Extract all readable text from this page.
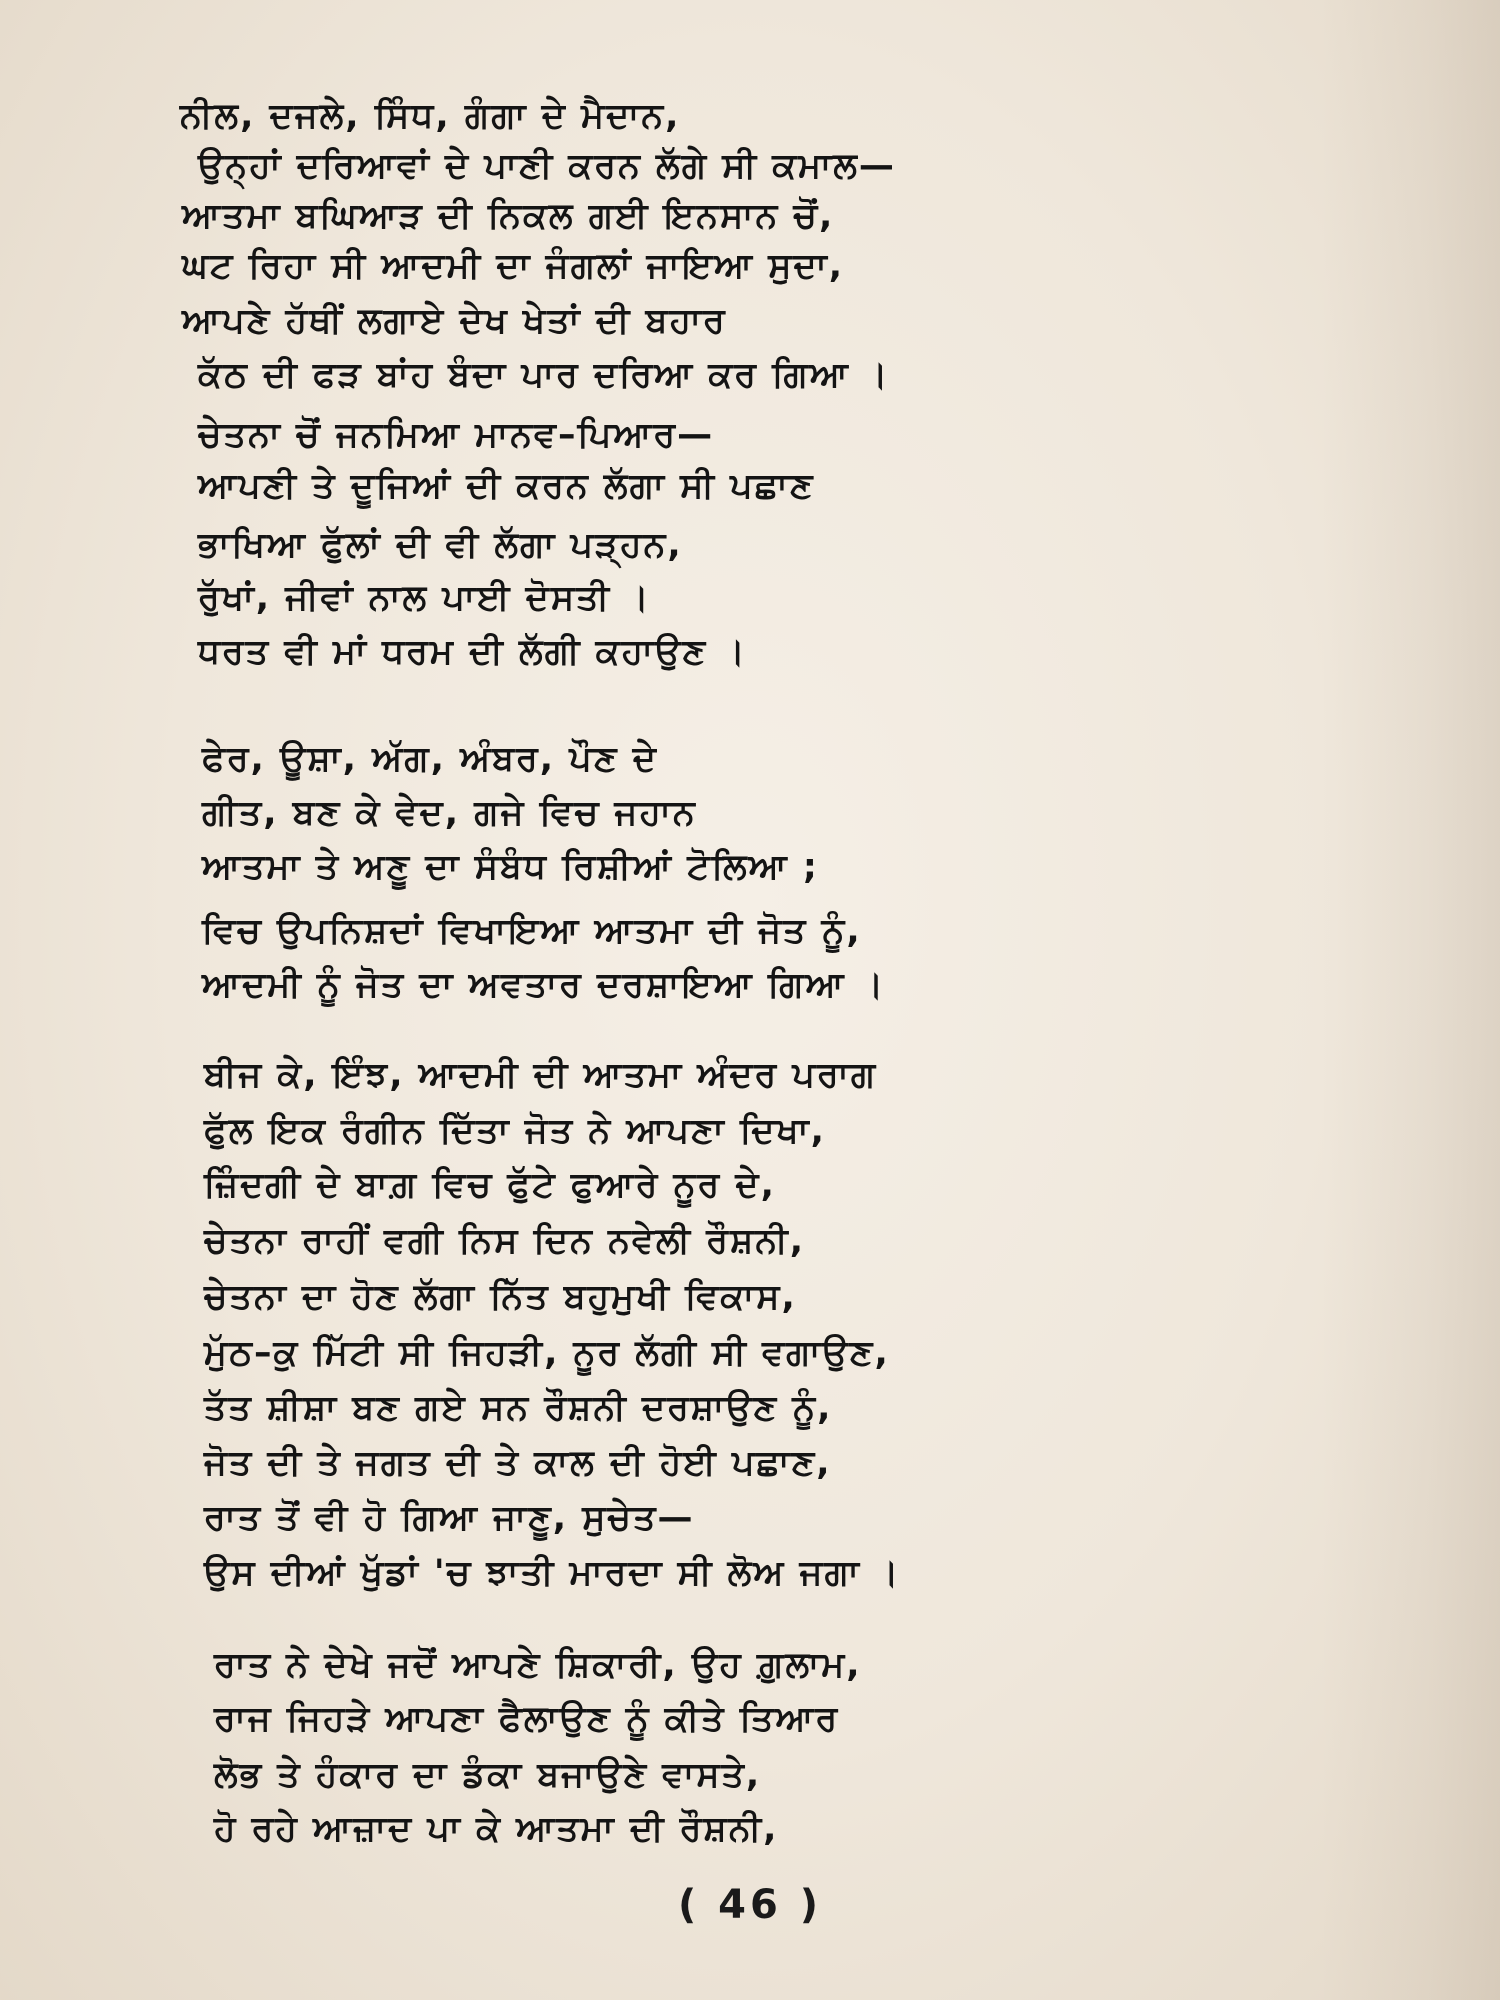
ਨੀਲ, ਦਜਲੇ, ਸਿੰਧ, ਗੰਗਾ ਦੇ ਮੈਦਾਨ,
ਉਨ੍ਹਾਂ ਦਰਿਆਵਾਂ ਦੇ ਪਾਣੀ ਕਰਨ ਲੱਗੇ ਸੀ ਕਮਾਲ—
ਆਤਮਾ ਬਘਿਆੜ ਦੀ ਨਿਕਲ ਗਈ ਇਨਸਾਨ ਚੋਂ,
ਘਟ ਰਿਹਾ ਸੀ ਆਦਮੀ ਦਾ ਜੰਗਲਾਂ ਜਾਇਆ ਸੁਦਾ,
ਆਪਣੇ ਹੱਥੀਂ ਲਗਾਏ ਦੇਖ ਖੇਤਾਂ ਦੀ ਬਹਾਰ
ਕੱਠ ਦੀ ਫੜ ਬਾਂਹ ਬੰਦਾ ਪਾਰ ਦਰਿਆ ਕਰ ਗਿਆ ।
ਚੇਤਨਾ ਚੋਂ ਜਨਮਿਆ ਮਾਨਵ–ਪਿਆਰ—
ਆਪਣੀ ਤੇ ਦੂਜਿਆਂ ਦੀ ਕਰਨ ਲੱਗਾ ਸੀ ਪਛਾਣ
ਭਾਖਿਆ ਫੁੱਲਾਂ ਦੀ ਵੀ ਲੱਗਾ ਪੜ੍ਹਨ,
ਰੁੱਖਾਂ, ਜੀਵਾਂ ਨਾਲ ਪਾਈ ਦੋਸਤੀ ।
ਧਰਤ ਵੀ ਮਾਂ ਧਰਮ ਦੀ ਲੱਗੀ ਕਹਾਉਣ ।
ਫੇਰ, ਊਸ਼ਾ, ਅੱਗ, ਅੰਬਰ, ਪੌਣ ਦੇ
ਗੀਤ, ਬਣ ਕੇ ਵੇਦ, ਗਜੇ ਵਿਚ ਜਹਾਨ
ਆਤਮਾ ਤੇ ਅਣੂ ਦਾ ਸੰਬੰਧ ਰਿਸ਼ੀਆਂ ਟੋਲਿਆ ;
ਵਿਚ ਉਪਨਿਸ਼ਦਾਂ ਵਿਖਾਇਆ ਆਤਮਾ ਦੀ ਜੋਤ ਨੂੰ,
ਆਦਮੀ ਨੂੰ ਜੋਤ ਦਾ ਅਵਤਾਰ ਦਰਸ਼ਾਇਆ ਗਿਆ ।
ਬੀਜ ਕੇ, ਇੰਝ, ਆਦਮੀ ਦੀ ਆਤਮਾ ਅੰਦਰ ਪਰਾਗ
ਫੁੱਲ ਇਕ ਰੰਗੀਨ ਦਿੱਤਾ ਜੋਤ ਨੇ ਆਪਣਾ ਦਿਖਾ,
ਜ਼ਿੰਦਗੀ ਦੇ ਬਾਗ਼ ਵਿਚ ਫੁੱਟੇ ਫੁਆਰੇ ਨੂਰ ਦੇ,
ਚੇਤਨਾ ਰਾਹੀਂ ਵਗੀ ਨਿਸ ਦਿਨ ਨਵੇਲੀ ਰੌਸ਼ਨੀ,
ਚੇਤਨਾ ਦਾ ਹੋਣ ਲੱਗਾ ਨਿੱਤ ਬਹੁਮੁਖੀ ਵਿਕਾਸ,
ਮੁੱਠ–ਕੁ ਮਿੱਟੀ ਸੀ ਜਿਹੜੀ, ਨੂਰ ਲੱਗੀ ਸੀ ਵਗਾਉਣ,
ਤੱਤ ਸ਼ੀਸ਼ਾ ਬਣ ਗਏ ਸਨ ਰੌਸ਼ਨੀ ਦਰਸ਼ਾਉਣ ਨੂੰ,
ਜੋਤ ਦੀ ਤੇ ਜਗਤ ਦੀ ਤੇ ਕਾਲ ਦੀ ਹੋਈ ਪਛਾਣ,
ਰਾਤ ਤੋਂ ਵੀ ਹੋ ਗਿਆ ਜਾਣੂ, ਸੁਚੇਤ—
ਉਸ ਦੀਆਂ ਖੁੱਡਾਂ 'ਚ ਝਾਤੀ ਮਾਰਦਾ ਸੀ ਲੋਅ ਜਗਾ ।
ਰਾਤ ਨੇ ਦੇਖੇ ਜਦੋਂ ਆਪਣੇ ਸ਼ਿਕਾਰੀ, ਉਹ ਗ਼ੁਲਾਮ,
ਰਾਜ ਜਿਹੜੇ ਆਪਣਾ ਫੈਲਾਉਣ ਨੂੰ ਕੀਤੇ ਤਿਆਰ
ਲੋਭ ਤੇ ਹੰਕਾਰ ਦਾ ਡੰਕਾ ਬਜਾਉਣੇ ਵਾਸਤੇ,
ਹੋ ਰਹੇ ਆਜ਼ਾਦ ਪਾ ਕੇ ਆਤਮਾ ਦੀ ਰੌਸ਼ਨੀ,
( 46 )
